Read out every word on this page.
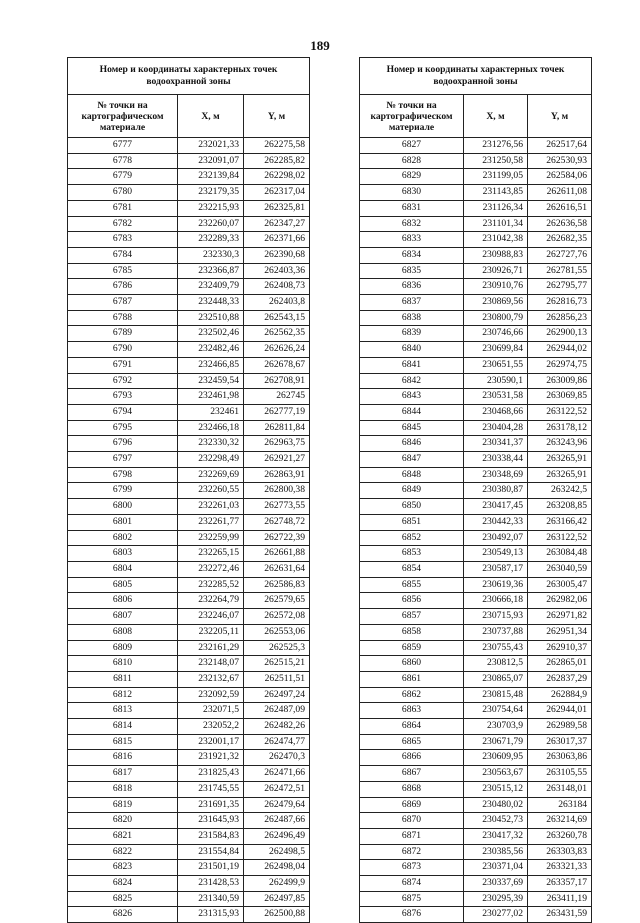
189
Номер и координаты характерных точек водоохранной зоны		
№ точки на картографическом материале	X, м	Y, м
6777	232021,33	262275,58
6778	232091,07	262285,82
6779	232139,84	262298,02
6780	232179,35	262317,04
6781	232215,93	262325,81
6782	232260,07	262347,27
6783	232289,33	262371,66
6784	232330,3	262390,68
6785	232366,87	262403,36
6786	232409,79	262408,73
6787	232448,33	262403,8
6788	232510,88	262543,15
6789	232502,46	262562,35
6790	232482,46	262626,24
6791	232466,85	262678,67
6792	232459,54	262708,91
6793	232461,98	262745
6794	232461	262777,19
6795	232466,18	262811,84
6796	232330,32	262963,75
6797	232298,49	262921,27
6798	232269,69	262863,91
6799	232260,55	262800,38
6800	232261,03	262773,55
6801	232261,77	262748,72
6802	232259,99	262722,39
6803	232265,15	262661,88
6804	232272,46	262631,64
6805	232285,52	262586,83
6806	232264,79	262579,65
6807	232246,07	262572,08
6808	232205,11	262553,06
6809	232161,29	262525,3
6810	232148,07	262515,21
6811	232132,67	262511,51
6812	232092,59	262497,24
6813	232071,5	262487,09
6814	232052,2	262482,26
6815	232001,17	262474,77
6816	231921,32	262470,3
6817	231825,43	262471,66
6818	231745,55	262472,51
6819	231691,35	262479,64
6820	231645,93	262487,66
6821	231584,83	262496,49
6822	231554,84	262498,5
6823	231501,19	262498,04
6824	231428,53	262499,9
6825	231340,59	262497,85
6826	231315,93	262500,88
Номер и координаты характерных точек водоохранной зоны		
№ точки на картографическом материале	X, м	Y, м
6827	231276,56	262517,64
6828	231250,58	262530,93
6829	231199,05	262584,06
6830	231143,85	262611,08
6831	231126,34	262616,51
6832	231101,34	262636,58
6833	231042,38	262682,35
6834	230988,83	262727,76
6835	230926,71	262781,55
6836	230910,76	262795,77
6837	230869,56	262816,73
6838	230800,79	262856,23
6839	230746,66	262900,13
6840	230699,84	262944,02
6841	230651,55	262974,75
6842	230590,1	263009,86
6843	230531,58	263069,85
6844	230468,66	263122,52
6845	230404,28	263178,12
6846	230341,37	263243,96
6847	230338,44	263265,91
6848	230348,69	263265,91
6849	230380,87	263242,5
6850	230417,45	263208,85
6851	230442,33	263166,42
6852	230492,07	263122,52
6853	230549,13	263084,48
6854	230587,17	263040,59
6855	230619,36	263005,47
6856	230666,18	262982,06
6857	230715,93	262971,82
6858	230737,88	262951,34
6859	230755,43	262910,37
6860	230812,5	262865,01
6861	230865,07	262837,29
6862	230815,48	262884,9
6863	230754,64	262944,01
6864	230703,9	262989,58
6865	230671,79	263017,37
6866	230609,95	263063,86
6867	230563,67	263105,55
6868	230515,12	263148,01
6869	230480,02	263184
6870	230452,73	263214,69
6871	230417,32	263260,78
6872	230385,56	263303,83
6873	230371,04	263321,33
6874	230337,69	263357,17
6875	230295,39	263411,19
6876	230277,02	263431,59
